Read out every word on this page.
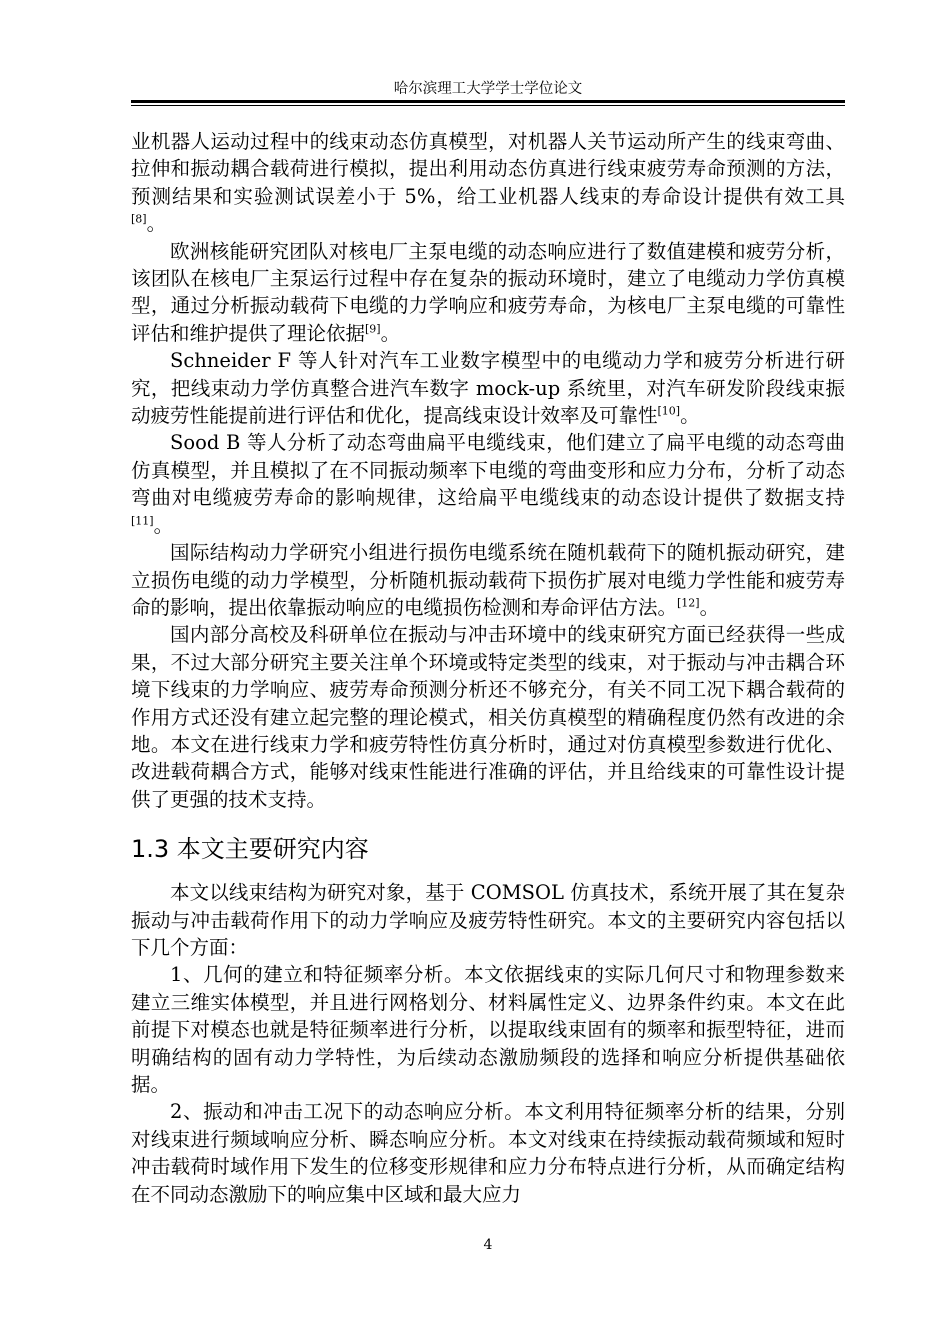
哈尔滨理工大学学士学位论文

业机器人运动过程中的线束动态仿真模型，对机器人关节运动所产生的线束弯曲、拉伸和振动耦合载荷进行模拟，提出利用动态仿真进行线束疲劳寿命预测的方法，预测结果和实验测试误差小于 5%，给工业机器人线束的寿命设计提供有效工具[8]。

欧洲核能研究团队对核电厂主泵电缆的动态响应进行了数值建模和疲劳分析，该团队在核电厂主泵运行过程中存在复杂的振动环境时，建立了电缆动力学仿真模型，通过分析振动载荷下电缆的力学响应和疲劳寿命，为核电厂主泵电缆的可靠性评估和维护提供了理论依据[9]。

Schneider F 等人针对汽车工业数字模型中的电缆动力学和疲劳分析进行研究，把线束动力学仿真整合进汽车数字 mock-up 系统里，对汽车研发阶段线束振动疲劳性能提前进行评估和优化，提高线束设计效率及可靠性[10]。

Sood B 等人分析了动态弯曲扁平电缆线束，他们建立了扁平电缆的动态弯曲仿真模型，并且模拟了在不同振动频率下电缆的弯曲变形和应力分布，分析了动态弯曲对电缆疲劳寿命的影响规律，这给扁平电缆线束的动态设计提供了数据支持[11]。

国际结构动力学研究小组进行损伤电缆系统在随机载荷下的随机振动研究，建立损伤电缆的动力学模型，分析随机振动载荷下损伤扩展对电缆力学性能和疲劳寿命的影响，提出依靠振动响应的电缆损伤检测和寿命评估方法。[12]。

国内部分高校及科研单位在振动与冲击环境中的线束研究方面已经获得一些成果，不过大部分研究主要关注单个环境或特定类型的线束，对于振动与冲击耦合环境下线束的力学响应、疲劳寿命预测分析还不够充分，有关不同工况下耦合载荷的作用方式还没有建立起完整的理论模式，相关仿真模型的精确程度仍然有改进的余地。本文在进行线束力学和疲劳特性仿真分析时，通过对仿真模型参数进行优化、改进载荷耦合方式，能够对线束性能进行准确的评估，并且给线束的可靠性设计提供了更强的技术支持。

1.3 本文主要研究内容

本文以线束结构为研究对象，基于 COMSOL 仿真技术，系统开展了其在复杂振动与冲击载荷作用下的动力学响应及疲劳特性研究。本文的主要研究内容包括以下几个方面：

1、几何的建立和特征频率分析。本文依据线束的实际几何尺寸和物理参数来建立三维实体模型，并且进行网格划分、材料属性定义、边界条件约束。本文在此前提下对模态也就是特征频率进行分析，以提取线束固有的频率和振型特征，进而明确结构的固有动力学特性，为后续动态激励频段的选择和响应分析提供基础依据。

2、振动和冲击工况下的动态响应分析。本文利用特征频率分析的结果，分别对线束进行频域响应分析、瞬态响应分析。本文对线束在持续振动载荷频域和短时冲击载荷时域作用下发生的位移变形规律和应力分布特点进行分析，从而确定结构在不同动态激励下的响应集中区域和最大应力

4
